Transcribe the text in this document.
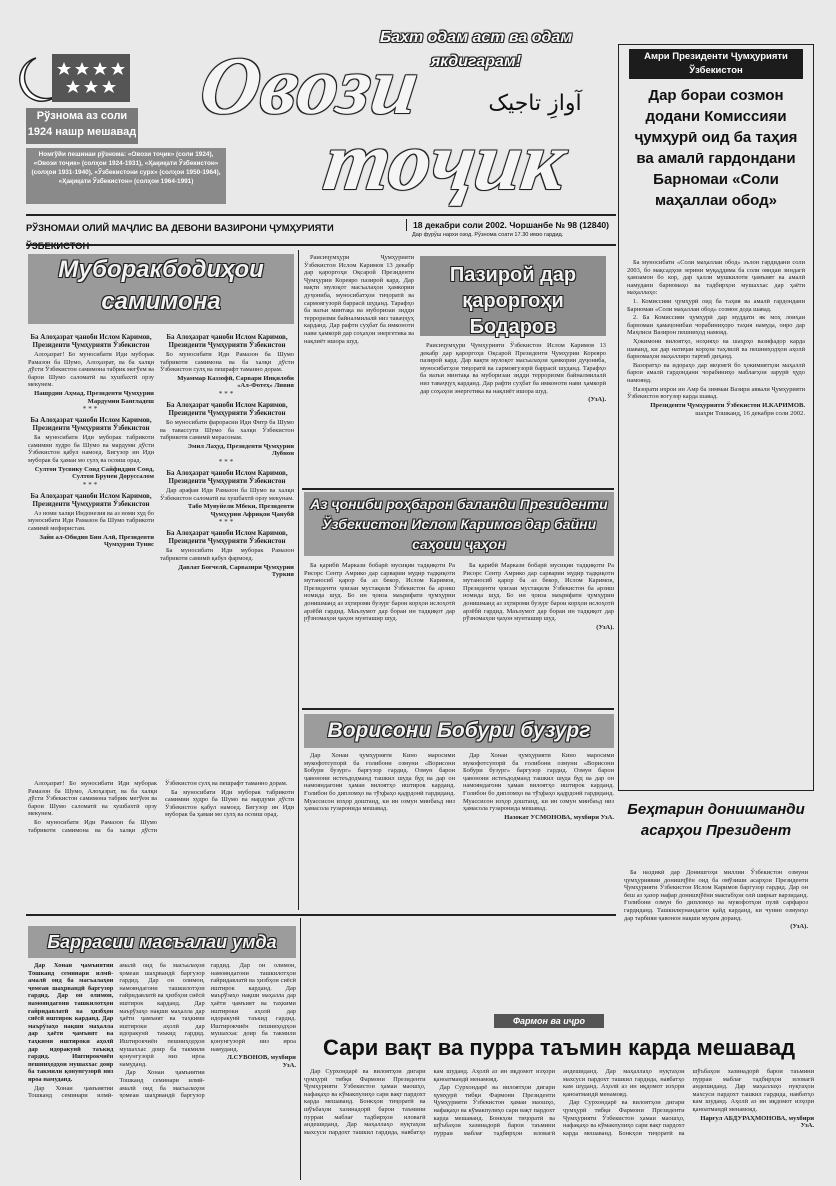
Рўзнома аз соли 1924 нашр мешавад
Бахт одам аст ва одам якдигарам!
Овози
тоҷик
آوازِ تاجیک
Номгўйи пешинаи рўзнома: «Овози тоҷик» (соли 1924), «Овози тоҷик» (солҳои 1924-1931), «Ҳақиқати Ўзбекистон» (солҳои 1931-1940), «Ўзбекистони сурх» (солҳои 1950-1964), «Ҳақиқати Ўзбекистон» (солҳои 1964-1991)
РЎЗНОМАИ ОЛИЙ МАҶЛИС ВА ДЕВОНИ ВАЗИРОНИ ҶУМҲУРИЯТИ	18 декабри соли 2002. Чоршанбе № 98 (12840)
Дар фурўш нархи озод. Рўзнома соати 17.30 имзо гардид.
Амри Президенти Ҷумҳурияти Ўзбекистон
Дар бораи созмон додани Комиссияи ҷумҳурӣ оид ба таҳия ва амалӣ гардондани Барномаи «Соли маҳаллаи обод»

Ба муносибати «Соли маҳаллаи обод» эълон гардидани соли 2003, бо мақсадҳои зерини муқаддима ба соли ояндаи зиндагӣ ҳамзамон бо кор, дар ҳалли мушкилоти ҷамъият ва амалӣ намудани барномаҳо ва тадбирҳои мушаххас дар ҳаёти маҳаллаҳо:

1. Комиссияи ҷумҳурӣ оид ба таҳия ва амалӣ гардондани Барномаи «Соли маҳаллаи обод» созмон дода шавад.

2. Ба Комиссияи ҷумҳурӣ дар муддати як моҳ лоиҳаи барномаи ҳамаҷонибаи чорабиниҳоро таҳия намуда, онро дар Маҷлиси Вазирон пешниҳод намояд.

Ҳокимони вилоятҳо, ноҳияҳо ва шаҳрҳо вазифадор карда шаванд, ки дар натиҷаи корҳои таҳлилӣ ва пешниҳодҳои аҳолӣ барномаҳои маҳаллиро тартиб диҳанд.

Вазоратҳо ва идораҳо дар якҷоягӣ бо ҳокимиятҳои маҳаллӣ барои амалӣ гардондани чорабиниҳо маблағҳои зарурӣ ҷудо намоянд.

Назорати иҷрои ин Амр ба зиммаи Вазири аввали Ҷумҳурияти Ўзбекистон вогузор карда шавад.

Президенти Ҷумҳурияти Ўзбекистон И.КАРИМОВ.

шаҳри Тошканд, 16 декабри соли 2002.

Муборакбодиҳои самимона

Ба Алоҳазрат ҷаноби Ислом Каримов, Президенти Ҷумҳурияти Ўзбекистон

Алоҳазрат! Бо муносибати Иди муборак Рамазон ба Шумо, Алоҳазрат, ва ба халқи дўсти Ўзбекистон самимона табрик мегўем ва барои Шумо саломатӣ ва хушбахтӣ орзу мекунем.

Нашрдин Аҳмад, Президенти Ҷумҳурии Мардумии Бангладеш

***

Ба Алоҳазрат ҷаноби Ислом Каримов, Президенти Ҷумҳурияти Ўзбекистон

Ба муносибати Иди муборак табрикоти самимии худро ба Шумо ва мардуми дўсти Ўзбекистон қабул намоед. Бигузор ин Иди муборак ба ҳамаи мо сулҳ ва осоиш орад.

Султон Тусвику Сонд Сайфиддин Сонд, Султон Брунеи Доруссалом

***

Ба Алоҳазрат ҷаноби Ислом Каримов, Президенти Ҷумҳурияти Ўзбекистон

Аз номи халқи Индонезия ва аз номи худ бо муносибати Иди Рамазон ба Шумо табрикоти самимӣ мефиристам.

Зайн ал-Обидин Бин Алӣ, Президенти Ҷумҳурии Тунис

Ба Алоҳазрат ҷаноби Ислом Каримов, Президенти Ҷумҳурияти Ўзбекистон

Бо муносибати Иди Рамазон ба Шумо табрикоти самимона ва ба халқи дўсти Ўзбекистон сулҳ ва пешрафт таманно дорам.

Муаммар Каззофӣ, Сарвари Инқилоби «Ал-Фотеҳ» Ливия

***

Ба Алоҳазрат ҷаноби Ислом Каримов, Президенти Ҷумҳурияти Ўзбекистон

Бо муносибати фарорасии Иди Фитр ба Шумо ва тавассути Шумо ба халқи Ўзбекистон табрикоти самимӣ мерасонам.

Эмил Лаҳуд, Президенти Ҷумҳурии Лубнон

***

Ба Алоҳазрат ҷаноби Ислом Каримов, Президенти Ҷумҳурияти Ўзбекистон

Дар арафаи Иди Рамазон ба Шумо ва халқи Ўзбекистон саломатӣ ва хушбахтӣ орзу мекунам.

Табо Мувуйели Мбеки, Президенти Ҷумҳурии Африқои Ҷанубӣ

***

Ба Алоҳазрат ҷаноби Ислом Каримов, Президенти Ҷумҳурияти Ўзбекистон

Ба муносибати Иди муборак Рамазон табрикоти самимӣ қабул фармоед.

Давлат Боғчелӣ, Сарвазири Ҷумҳурии Туркия

Пазирой дар қароргоҳи Бодаров

Раисиҷумҳури Ҷумҳурияти Ўзбекистон Ислом Каримов 13 декабр дар қароргоҳи Оқсарой Президенти Ҷумҳурии Кореяро пазирой кард. Дар вақти мулоқот масъалаҳои ҳамкории дуҷониба, муносибатҳои тиҷоратӣ ва сармоягузорӣ баррасӣ шуданд. Тарафҳо ба вазъи минтақа ва муборизаи зидди терроризми байналмилалӣ низ таваҷҷуҳ карданд. Дар рафти суҳбат ба имконоти нави ҳамкорӣ дар соҳаҳои энергетика ва нақлиёт ишора шуд.

Раисиҷумҳури Ҷумҳурияти Ўзбекистон Ислом Каримов 13 декабр дар қароргоҳи Оқсарой Президенти Ҷумҳурии Кореяро пазирой кард. Дар вақти мулоқот масъалаҳои ҳамкории дуҷониба, муносибатҳои тиҷоратӣ ва сармоягузорӣ баррасӣ шуданд. Тарафҳо ба вазъи минтақа ва муборизаи зидди терроризми байналмилалӣ низ таваҷҷуҳ карданд. Дар рафти суҳбат ба имконоти нави ҳамкорӣ дар соҳаҳои энергетика ва нақлиёт ишора шуд.

(УзА).

Аз ҷониби роҳбарон баланди Президенти Ўзбекистон Ислом Каримов дар байни саҳоии ҷаҳон

Ба қарибӣ Маркази бобарӣ мусиқии тадқиқоти Ра Рисорс Сентр Амрико дар сарварии мудир тадқиқоти мутаносиб қарор ба аз бекор, Ислом Каримов, Президенти ҷоизаи мустақили Ўзбекистон ба арзиш номида шуд. Бо ин ҷоиза маърифати ҷумҳурии донишманд аз эҳтироми бузург барои корҳои ислоҳотӣ арзёбӣ гардид. Маълумот дар бораи ин тадқиқот дар рўзномаҳои ҷаҳон мунташир шуд.

Ба қарибӣ Маркази бобарӣ мусиқии тадқиқоти Ра Рисорс Сентр Амрико дар сарварии мудир тадқиқоти мутаносиб қарор ба аз бекор, Ислом Каримов, Президенти ҷоизаи мустақили Ўзбекистон ба арзиш номида шуд. Бо ин ҷоиза маърифати ҷумҳурии донишманд аз эҳтироми бузург барои корҳои ислоҳотӣ арзёбӣ гардид. Маълумот дар бораи ин тадқиқот дар рўзномаҳои ҷаҳон мунташир шуд.

(УзА).

Ворисони Бобури бузург

Дар Хонаи ҷумҳурияти Кино маросими мукофотсупорӣ ба ғолибони озмуни «Ворисони Бобури бузург» баргузор гардид. Озмун барои ҷавонони истеъдодманд ташкил шуда буд ва дар он намояндагони ҳамаи вилоятҳо иштирок карданд. Ғолибон бо дипломҳо ва тўҳфаҳо қадрдонӣ гардиданд. Муассисон изҳор доштанд, ки ин озмун минбаъд низ ҳамасола гузаронида мешавад.

Дар Хонаи ҷумҳурияти Кино маросими мукофотсупорӣ ба ғолибони озмуни «Ворисони Бобури бузург» баргузор гардид. Озмун барои ҷавонони истеъдодманд ташкил шуда буд ва дар он намояндагони ҳамаи вилоятҳо иштирок карданд. Ғолибон бо дипломҳо ва тўҳфаҳо қадрдонӣ гардиданд. Муассисон изҳор доштанд, ки ин озмун минбаъд низ ҳамасола гузаронида мешавад.

Назокат УСМОНОВА, мухбири УзА.

Алоҳазрат! Бо муносибати Иди муборак Рамазон ба Шумо, Алоҳазрат, ва ба халқи дўсти Ўзбекистон самимона табрик мегўем ва барои Шумо саломатӣ ва хушбахтӣ орзу мекунем.

Бо муносибати Иди Рамазон ба Шумо табрикоти самимона ва ба халқи дўсти Ўзбекистон сулҳ ва пешрафт таманно дорам.

Ба муносибати Иди муборак табрикоти самимии худро ба Шумо ва мардуми дўсти Ўзбекистон қабул намоед. Бигузор ин Иди муборак ба ҳамаи мо сулҳ ва осоиш орад.

Баррасии масъалаи умда

Дар Хонаи ҷамъиятии Тошканд семинари илмӣ-амалӣ оид ба масъалаҳои ҷомеаи шаҳрвандӣ баргузор гардид. Дар он олимон, намояндагони ташкилотҳои ғайридавлатӣ ва ҳизбҳои сиёсӣ иштирок карданд. Дар маърўзаҳо нақши маҳалла дар ҳаёти ҷамъият ва таҳкими иштироки аҳолӣ дар идоракунӣ таъкид гардид. Иштирокчиён пешниҳодҳои мушаххас доир ба такмили қонунгузорӣ низ ироа намуданд.

Дар Хонаи ҷамъиятии Тошканд семинари илмӣ-амалӣ оид ба масъалаҳои ҷомеаи шаҳрвандӣ баргузор гардид. Дар он олимон, намояндагони ташкилотҳои ғайридавлатӣ ва ҳизбҳои сиёсӣ иштирок карданд. Дар маърўзаҳо нақши маҳалла дар ҳаёти ҷамъият ва таҳкими иштироки аҳолӣ дар идоракунӣ таъкид гардид. Иштирокчиён пешниҳодҳои мушаххас доир ба такмили қонунгузорӣ низ ироа намуданд.

Дар Хонаи ҷамъиятии Тошканд семинари илмӣ-амалӣ оид ба масъалаҳои ҷомеаи шаҳрвандӣ баргузор гардид. Дар он олимон, намояндагони ташкилотҳои ғайридавлатӣ ва ҳизбҳои сиёсӣ иштирок карданд. Дар маърўзаҳо нақши маҳалла дар ҳаёти ҷамъият ва таҳкими иштироки аҳолӣ дар идоракунӣ таъкид гардид. Иштирокчиён пешниҳодҳои мушаххас доир ба такмили қонунгузорӣ низ ироа намуданд.

Л.СУВОНОВ, мухбири УзА.

Фармон ва иҷро
Сари вақт ва пурра таъмин карда мешавад

Дар Сурхондарё ва вилоятҳои дигари ҷумҳурӣ тибқи Фармони Президенти Ҷумҳурияти Ўзбекистон ҳамаи маошҳо, нафақаҳо ва кўмакпулиҳо сари вақт пардохт карда мешаванд. Бонкҳои тиҷоратӣ ва шўъбаҳои хазинадорӣ барои таъмини пурраи маблағ тадбирҳои иловагӣ андешиданд. Дар маҳаллаҳо нуқтаҳои махсуси пардохт ташкил гардида, навбатҳо кам шуданд. Аҳолӣ аз ин иқдомот изҳори қаноатмандӣ менамояд.

Дар Сурхондарё ва вилоятҳои дигари ҷумҳурӣ тибқи Фармони Президенти Ҷумҳурияти Ўзбекистон ҳамаи маошҳо, нафақаҳо ва кўмакпулиҳо сари вақт пардохт карда мешаванд. Бонкҳои тиҷоратӣ ва шўъбаҳои хазинадорӣ барои таъмини пурраи маблағ тадбирҳои иловагӣ андешиданд. Дар маҳаллаҳо нуқтаҳои махсуси пардохт ташкил гардида, навбатҳо кам шуданд. Аҳолӣ аз ин иқдомот изҳори қаноатмандӣ менамояд.

Дар Сурхондарё ва вилоятҳои дигари ҷумҳурӣ тибқи Фармони Президенти Ҷумҳурияти Ўзбекистон ҳамаи маошҳо, нафақаҳо ва кўмакпулиҳо сари вақт пардохт карда мешаванд. Бонкҳои тиҷоратӣ ва шўъбаҳои хазинадорӣ барои таъмини пурраи маблағ тадбирҳои иловагӣ андешиданд. Дар маҳаллаҳо нуқтаҳои махсуси пардохт ташкил гардида, навбатҳо кам шуданд. Аҳолӣ аз ин иқдомот изҳори қаноатмандӣ менамояд.

Нарғул АБДУРАҲМОНОВА, мухбири УзА.

Беҳтарин донишманди асарҳои Президент

Ба наздикӣ дар Донишгоҳи миллии Ўзбекистон озмуни ҷумҳуриявии донишҷўён оид ба омўзиши асарҳои Президенти Ҷумҳурияти Ўзбекистон Ислом Каримов баргузор гардид. Дар он беш аз ҳазор нафар донишҷўёни мактабҳои олӣ ширкат варзиданд. Ғолибони озмун бо дипломҳо ва мукофотҳои пулӣ сарфароз гардиданд. Ташкилкунандагон қайд карданд, ки чунин озмунҳо дар тарбияи ҷавонон нақши муҳим доранд.

(УзА).
